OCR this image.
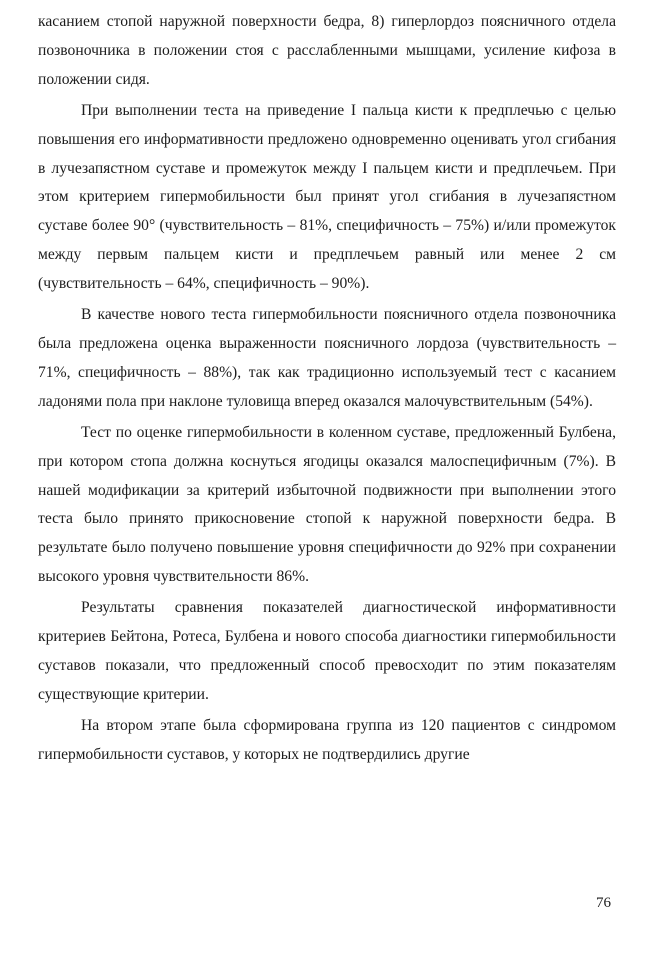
касанием стопой наружной поверхности бедра, 8) гиперлордоз поясничного отдела позвоночника в положении стоя с расслабленными мышцами, усиление кифоза в положении сидя.

При выполнении теста на приведение I пальца кисти к предплечью с целью повышения его информативности предложено одновременно оценивать угол сгибания в лучезапястном суставе и промежуток между I пальцем кисти и предплечьем. При этом критерием гипермобильности был принят угол сгибания в лучезапястном суставе более 90° (чувствительность – 81%, специфичность – 75%) и/или промежуток между первым пальцем кисти и предплечьем равный или менее 2 см (чувствительность – 64%, специфичность – 90%).

В качестве нового теста гипермобильности поясничного отдела позвоночника была предложена оценка выраженности поясничного лордоза (чувствительность – 71%, специфичность – 88%), так как традиционно используемый тест с касанием ладонями пола при наклоне туловища вперед оказался малочувствительным (54%).

Тест по оценке гипермобильности в коленном суставе, предложенный Булбена, при котором стопа должна коснуться ягодицы оказался малоспецифичным (7%). В нашей модификации за критерий избыточной подвижности при выполнении этого теста было принято прикосновение стопой к наружной поверхности бедра. В результате было получено повышение уровня специфичности до 92% при сохранении высокого уровня чувствительности 86%.

Результаты сравнения показателей диагностической информативности критериев Бейтона, Ротеса, Булбена и нового способа диагностики гипермобильности суставов показали, что предложенный способ превосходит по этим показателям существующие критерии.

На втором этапе была сформирована группа из 120 пациентов с синдромом гипермобильности суставов, у которых не подтвердились другие

76
